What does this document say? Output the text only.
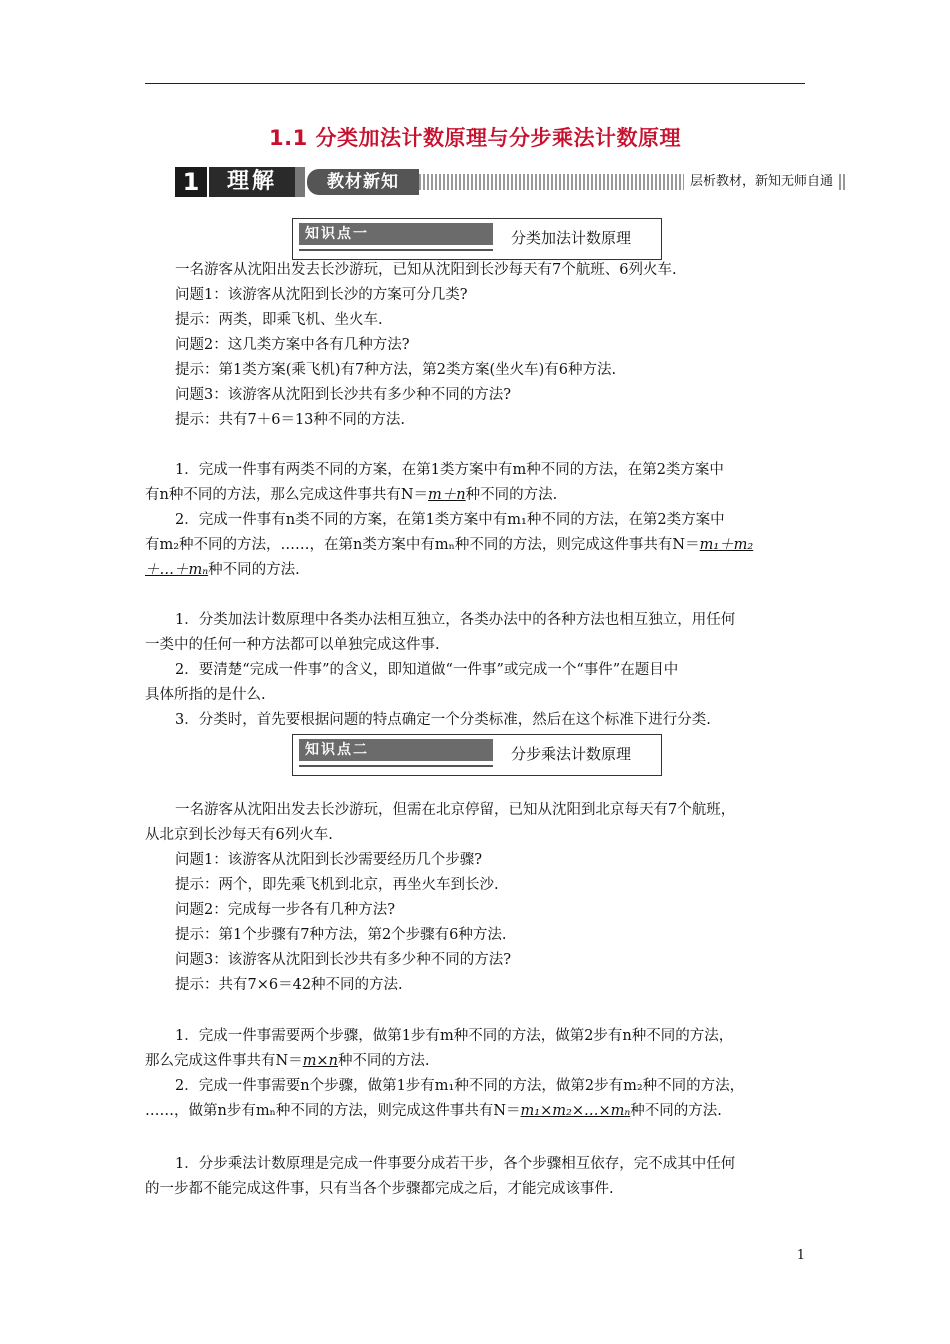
1.1 分类加法计数原理与分步乘法计数原理
1	理解	教材新知	层析教材，新知无师自通
知识点一	分类加法计数原理
一名游客从沈阳出发去长沙游玩，已知从沈阳到长沙每天有7个航班、6列火车.
问题1：该游客从沈阳到长沙的方案可分几类?
提示：两类，即乘飞机、坐火车.
问题2：这几类方案中各有几种方法?
提示：第1类方案(乘飞机)有7种方法，第2类方案(坐火车)有6种方法.
问题3：该游客从沈阳到长沙共有多少种不同的方法?
提示：共有7＋6＝13种不同的方法.
1．完成一件事有两类不同的方案，在第1类方案中有m种不同的方法，在第2类方案中
有n种不同的方法，那么完成这件事共有N＝m＋n种不同的方法.
2．完成一件事有n类不同的方案，在第1类方案中有m₁种不同的方法，在第2类方案中
有m₂种不同的方法，……，在第n类方案中有mₙ种不同的方法，则完成这件事共有N＝m₁＋m₂
＋…＋mₙ种不同的方法.
1．分类加法计数原理中各类办法相互独立，各类办法中的各种方法也相互独立，用任何
一类中的任何一种方法都可以单独完成这件事.
2．要清楚“完成一件事”的含义，即知道做“一件事”或完成一个“事件”在题目中
具体所指的是什么.
3．分类时，首先要根据问题的特点确定一个分类标准，然后在这个标准下进行分类.
知识点二	分步乘法计数原理
一名游客从沈阳出发去长沙游玩，但需在北京停留，已知从沈阳到北京每天有7个航班，
从北京到长沙每天有6列火车.
问题1：该游客从沈阳到长沙需要经历几个步骤?
提示：两个，即先乘飞机到北京，再坐火车到长沙.
问题2：完成每一步各有几种方法?
提示：第1个步骤有7种方法，第2个步骤有6种方法.
问题3：该游客从沈阳到长沙共有多少种不同的方法?
提示：共有7×6＝42种不同的方法.
1．完成一件事需要两个步骤，做第1步有m种不同的方法，做第2步有n种不同的方法，
那么完成这件事共有N＝m×n种不同的方法.
2．完成一件事需要n个步骤，做第1步有m₁种不同的方法，做第2步有m₂种不同的方法，
……，做第n步有mₙ种不同的方法，则完成这件事共有N＝m₁×m₂×…×mₙ种不同的方法.
1．分步乘法计数原理是完成一件事要分成若干步，各个步骤相互依存，完不成其中任何
的一步都不能完成这件事，只有当各个步骤都完成之后，才能完成该事件.
1
